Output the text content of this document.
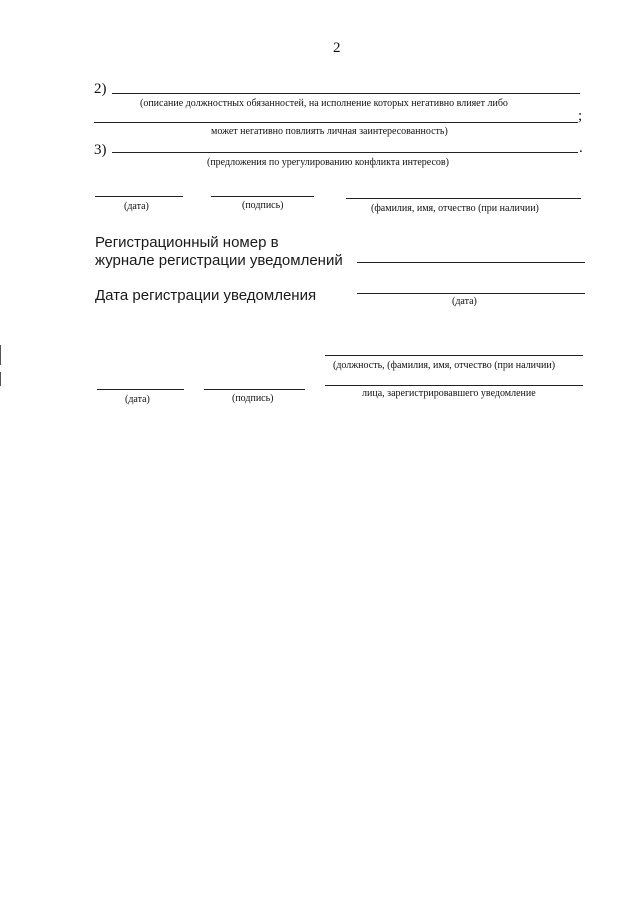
2
2)
(описание должностных обязанностей, на исполнение которых негативно влияет либо
;
может негативно повлиять личная заинтересованность)
3)	.
(предложения по урегулированию конфликта интересов)
(дата)	(подпись)	(фамилия, имя, отчество (при наличии)
Регистрационный номер в
журнале регистрации уведомлений
Дата регистрации уведомления	(дата)
(должность, (фамилия, имя, отчество (при наличии)
(дата)	(подпись)	лица, зарегистрировавшего уведомление
